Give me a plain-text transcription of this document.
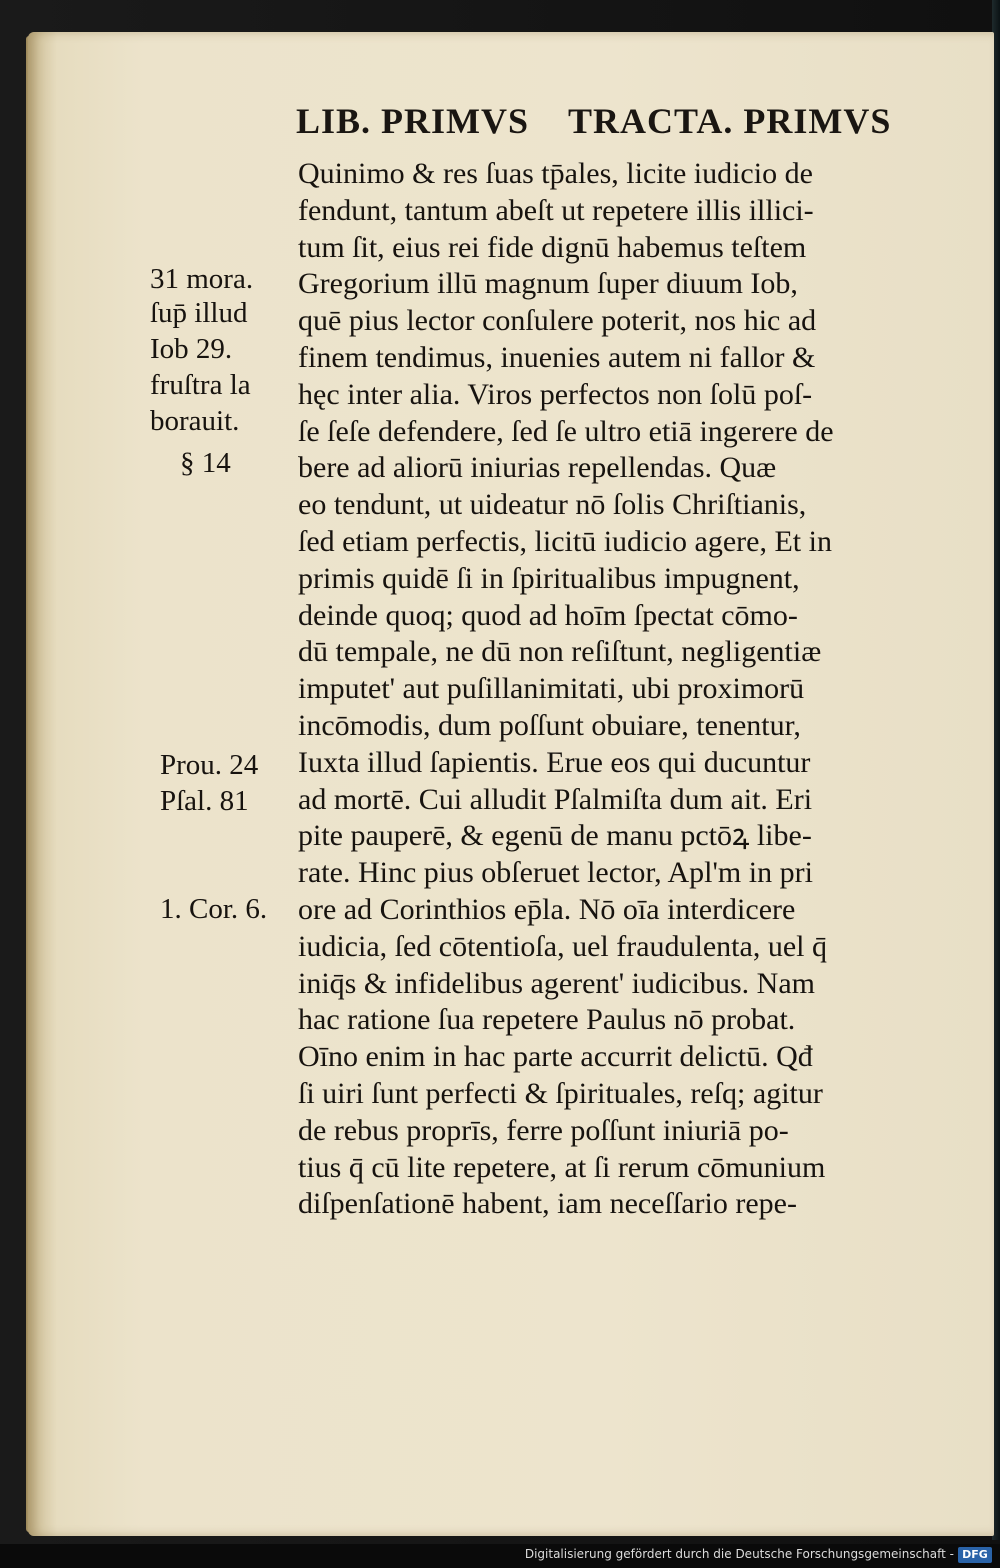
LIB. PRIMVS TRACTA. PRIMVS
Quinimo & res ſuas tp̄ales, licite iudicio de
fendunt, tantum abeſt ut repetere illis illici-
tum ſit, eius rei fide dignū habemus teſtem
Gregorium illū magnum ſuper diuum Iob,
quē pius lector conſulere poterit, nos hic ad
finem tendimus, inuenies autem ni fallor &
hęc inter alia. Viros perfectos non ſolū poſ-
ſe ſeſe defendere, ſed ſe ultro etiā ingerere de
bere ad aliorū iniurias repellendas. Quæ
eo tendunt, ut uideatur nō ſolis Chriſtianis,
ſed etiam perfectis, licitū iudicio agere, Et in
primis quidē ſi in ſpiritualibus impugnent,
deinde quoq; quod ad hoīm ſpectat cōmo-
dū tempale, ne dū non reſiſtunt, negligentiæ
imputet' aut puſillanimitati, ubi proximorū
incōmodis, dum poſſunt obuiare, tenentur,
Iuxta illud ſapientis. Erue eos qui ducuntur
ad mortē. Cui alludit Pſalmiſta dum ait. Eri
pite pauperē, & egenū de manu pctōꝝ libe-
rate. Hinc pius obſeruet lector, Apl'm in pri
ore ad Corinthios ep̄la. Nō oīa interdicere
iudicia, ſed cōtentioſa, uel fraudulenta, uel q̄
iniq̄s & infidelibus agerent' iudicibus. Nam
hac ratione ſua repetere Paulus nō probat.
Oīno enim in hac parte accurrit delictū. Qđ
ſi uiri ſunt perfecti & ſpirituales, reſq; agitur
de rebus proprīs, ferre poſſunt iniuriā po-
tius q̄ cū lite repetere, at ſi rerum cōmunium
diſpenſationē habent, iam neceſſario repe-
31 mora.
ſup̄ illud
Iob 29.
fruſtra la
borauit.
§ 14
Prou. 24
Pſal. 81
1. Cor. 6.
Digitalisierung gefördert durch die Deutsche Forschungsgemeinschaft - DFG
